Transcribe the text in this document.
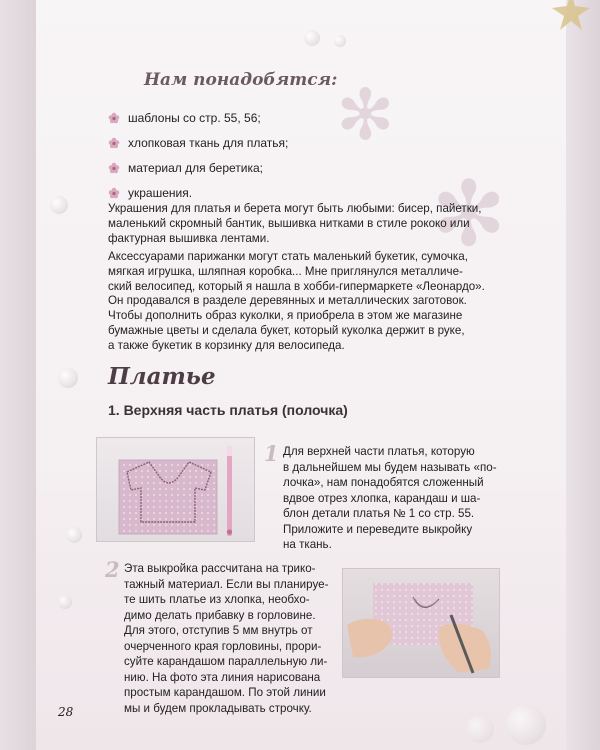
✻
✻
Нам понадобятся:
шаблоны со стр. 55, 56;
хлопковая ткань для платья;
материал для беретика;
украшения.

Украшения для платья и берета могут быть любыми: бисер, пайетки,
маленький скромный бантик, вышивка нитками в стиле рококо или
фактурная вышивка лентами.

Аксессуарами парижанки могут стать маленький букетик, сумочка,
мягкая игрушка, шляпная коробка... Мне приглянулся металличе-
ский велосипед, который я нашла в хобби-гипермаркете «Леонардо».
Он продавался в разделе деревянных и металлических заготовок.
Чтобы дополнить образ куколки, я приобрела в этом же магазине
бумажные цветы и сделала букет, который куколка держит в руке,
а также букетик в корзинку для велосипеда.

Платье
1. Верхняя часть платья (полочка)
1 Для верхней части платья, которую
в дальнейшем мы будем называть «по-
лочка», нам понадобятся сложенный
вдвое отрез хлопка, карандаш и ша-
блон детали платья № 1 со стр. 55.
Приложите и переведите выкройку
на ткань.

2 Эта выкройка рассчитана на трико-
тажный материал. Если вы планируе-
те шить платье из хлопка, необхо-
димо делать прибавку в горловине.
Для этого, отступив 5 мм внутрь от
очерченного края горловины, прори-
суйте карандашом параллельную ли-
нию. На фото эта линия нарисована
простым карандашом. По этой линии
мы и будем прокладывать строчку.

28
